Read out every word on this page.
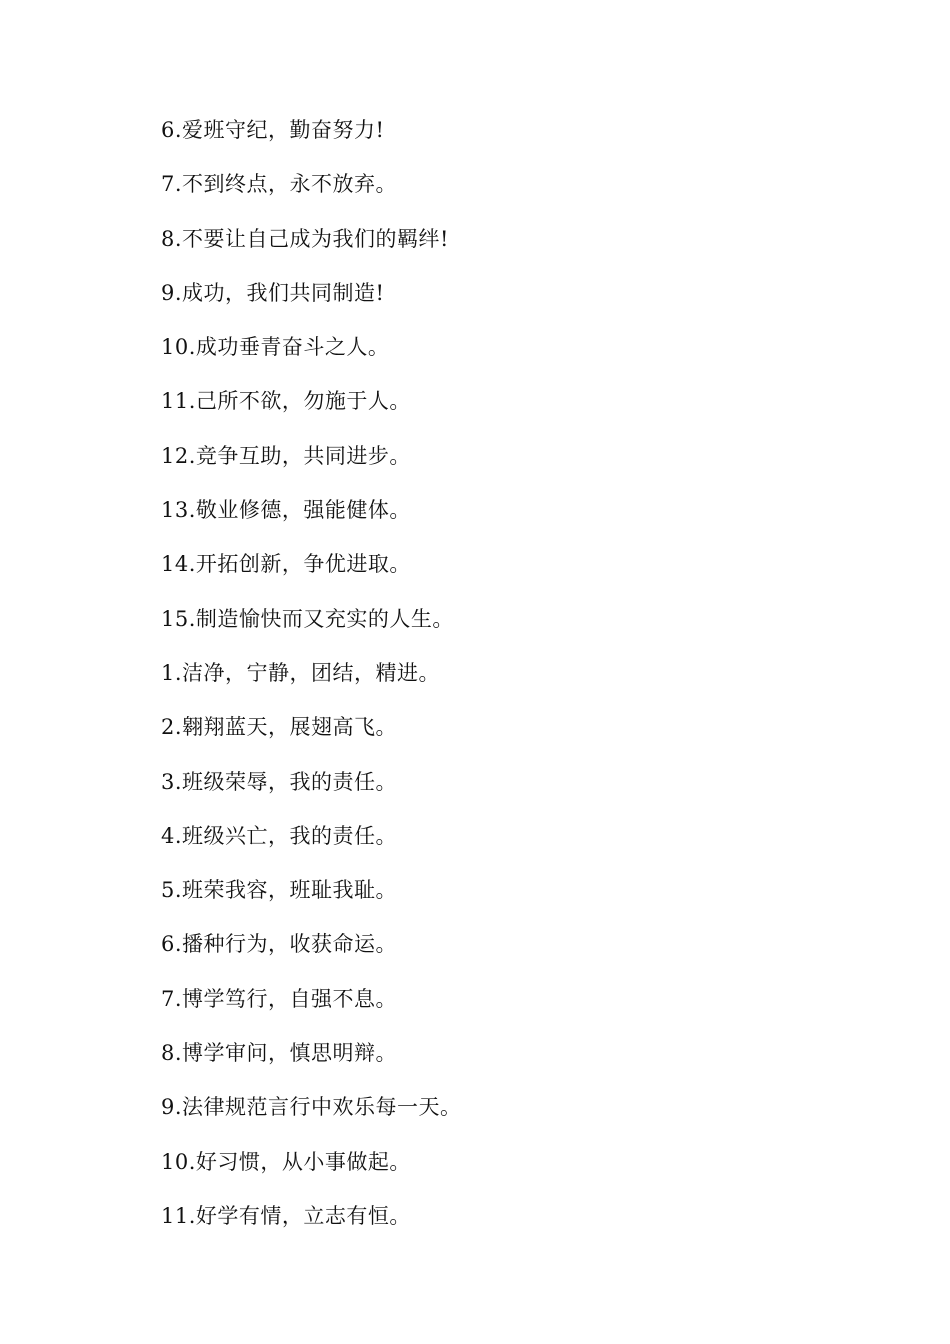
6.爱班守纪，勤奋努力!
7.不到终点，永不放弃。
8.不要让自己成为我们的羁绊!
9.成功，我们共同制造!
10.成功垂青奋斗之人。
11.己所不欲，勿施于人。
12.竞争互助，共同进步。
13.敬业修德，强能健体。
14.开拓创新，争优进取。
15.制造愉快而又充实的人生。
1.洁净，宁静，团结，精进。
2.翱翔蓝天，展翅高飞。
3.班级荣辱，我的责任。
4.班级兴亡，我的责任。
5.班荣我容，班耻我耻。
6.播种行为，收获命运。
7.博学笃行，自强不息。
8.博学审问，慎思明辩。
9.法律规范言行中欢乐每一天。
10.好习惯，从小事做起。
11.好学有情，立志有恒。
